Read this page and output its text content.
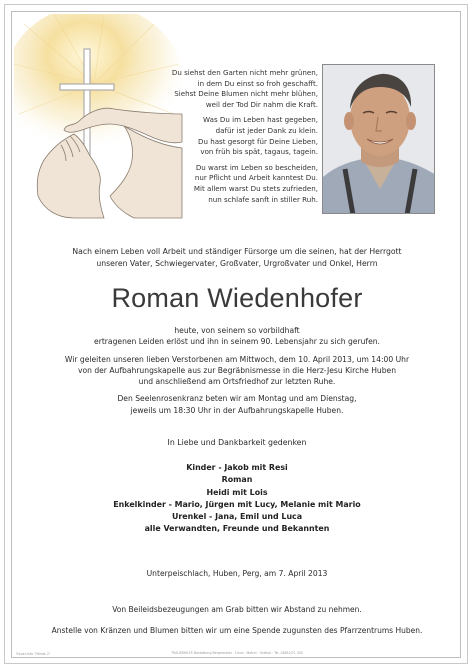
Du siehst den Garten nicht mehr grünen,
in dem Du einst so froh geschafft.
Siehst Deine Blumen nicht mehr blühen,
weil der Tod Dir nahm die Kraft.
Was Du im Leben hast gegeben,
dafür ist jeder Dank zu klein.
Du hast gesorgt für Deine Lieben,
von früh bis spät, tagaus, tagein.
Du warst im Leben so bescheiden,
nur Pflicht und Arbeit kanntest Du.
Mit allem warst Du stets zufrieden,
nun schlafe sanft in stiller Ruh.
Nach einem Leben voll Arbeit und ständiger Fürsorge um die seinen, hat der Herrgott
unseren Vater, Schwiegervater, Großvater, Urgroßvater und Onkel, Herrn
Roman Wiedenhofer
heute, von seinem so vorbildhaft
ertragenen Leiden erlöst und ihn in seinem 90. Lebensjahr zu sich gerufen.
Wir geleiten unseren lieben Verstorbenen am Mittwoch, dem 10. April 2013, um 14:00 Uhr
von der Aufbahrungskapelle aus zur Begräbnismesse in die Herz-Jesu Kirche Huben
und anschließend am Ortsfriedhof zur letzten Ruhe.
Den Seelenrosenkranz beten wir am Montag und am Dienstag,
jeweils um 18:30 Uhr in der Aufbahrungskapelle Huben.
In Liebe und Dankbarkeit gedenken
Kinder - Jakob mit Resi
Roman
Heidi mit Lois
Enkelkinder - Mario, Jürgen mit Lucy, Melanie mit Mario
Urenkel - Jana, Emil und Luca
alle Verwandten, Freunde und Bekannten
Unterpeischlach, Huben, Perg, am 7. April 2013
Von Beileidsbezeugungen am Grab bitten wir Abstand zu nehmen.
Anstelle von Kränzen und Blumen bitten wir um eine Spende zugunsten des Pfarrzentrums Huben.
Trauer-Info "Hände 2"	TRAUERHILFE Bestattung Bergmeister · Lienz · Matrei · Osttirol · Tel. 04852/71 300
